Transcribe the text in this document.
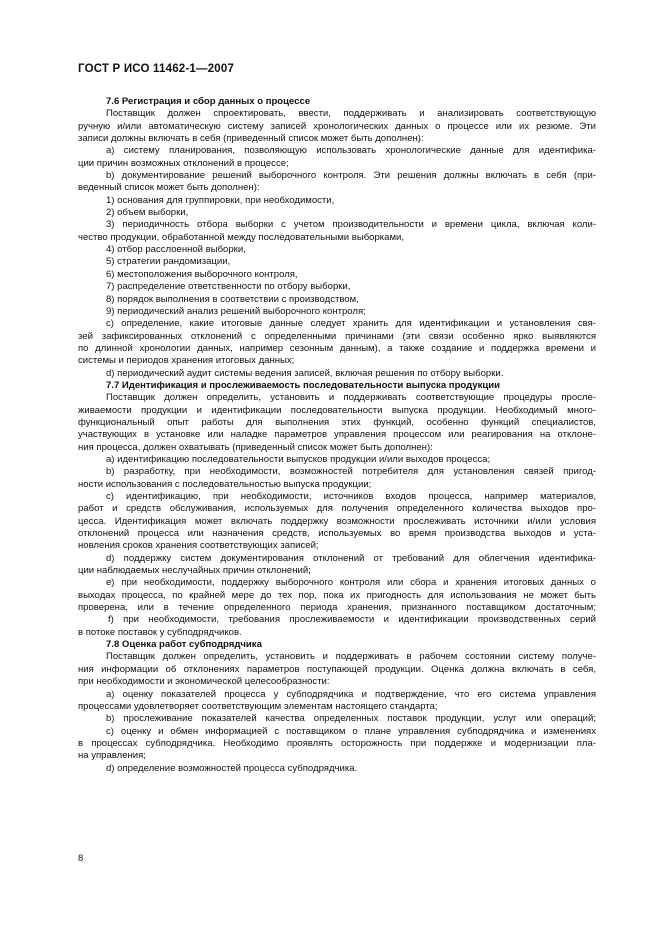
ГОСТ Р ИСО 11462-1—2007
7.6 Регистрация и сбор данных о процессе
Поставщик должен спроектировать, ввести, поддерживать и анализировать соответствующую
ручную и/или автоматическую систему записей хронологических данных о процессе или их резюме. Эти
записи должны включать в себя (приведенный список может быть дополнен):
a) систему планирования, позволяющую использовать хронологические данные для идентифика-
ции причин возможных отклонений в процессе;
b) документирование решений выборочного контроля. Эти решения должны включать в себя (при-
веденный список может быть дополнен):
1) основания для группировки, при необходимости,
2) объем выборки,
3) периодичность отбора выборки с учетом производительности и времени цикла, включая коли-
чество продукции, обработанной между последовательными выборками,
4) отбор расслоенной выборки,
5) стратегии рандомизации,
6) местоположения выборочного контроля,
7) распределение ответственности по отбору выборки,
8) порядок выполнения в соответствии с производством,
9) периодический анализ решений выборочного контроля;
c) определение, какие итоговые данные следует хранить для идентификации и установления свя-
зей зафиксированных отклонений с определенными причинами (эти связи особенно ярко выявляются
по длинной хронологии данных, например сезонным данным), а также создание и поддержка времени и
системы и периодов хранения итоговых данных;
d) периодический аудит системы ведения записей, включая решения по отбору выборки.
7.7 Идентификация и прослеживаемость последовательности выпуска продукции
Поставщик должен определить, установить и поддерживать соответствующие процедуры просле-
живаемости продукции и идентификации последовательности выпуска продукции. Необходимый много-
функциональный опыт работы для выполнения этих функций, особенно функций специалистов,
участвующих в установке или наладке параметров управления процессом или реагирования на отклоне-
ния процесса, должен охватывать (приведенный список может быть дополнен):
a) идентификацию последовательности выпусков продукции и/или выходов процесса;
b) разработку, при необходимости, возможностей потребителя для установления связей пригод-
ности использования с последовательностью выпуска продукции;
c) идентификацию, при необходимости, источников входов процесса, например материалов,
работ и средств обслуживания, используемых для получения определенного количества выходов про-
цесса. Идентификация может включать поддержку возможности прослеживать источники и/или условия
отклонений процесса или назначения средств, используемых во время производства выходов и уста-
новления сроков хранения соответствующих записей;
d) поддержку систем документирования отклонений от требований для облегчения идентифика-
ции наблюдаемых неслучайных причин отклонений;
e) при необходимости, поддержку выборочного контроля или сбора и хранения итоговых данных о
выходах процесса, по крайней мере до тех пор, пока их пригодность для использования не может быть
проверена, или в течение определенного периода хранения, признанного поставщиком достаточным;
f) при необходимости, требования прослеживаемости и идентификации производственных серий
в потоке поставок у субподрядчиков.
7.8 Оценка работ субподрядчика
Поставщик должен определить, установить и поддерживать в рабочем состоянии систему получе-
ния информации об отклонениях параметров поступающей продукции. Оценка должна включать в себя,
при необходимости и экономической целесообразности:
a) оценку показателей процесса у субподрядчика и подтверждение, что его система управления
процессами удовлетворяет соответствующим элементам настоящего стандарта;
b) прослеживание показателей качества определенных поставок продукции, услуг или операций;
c) оценку и обмен информацией с поставщиком о плане управления субподрядчика и изменениях
в процессах субподрядчика. Необходимо проявлять осторожность при поддержке и модернизации пла-
на управления;
d) определение возможностей процесса субподрядчика.
8
